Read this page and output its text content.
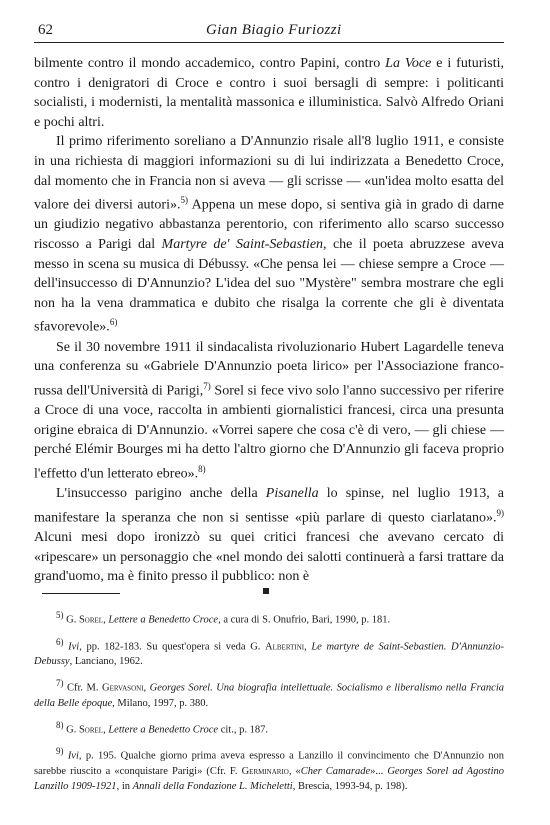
62	Gian Biagio Furiozzi

bilmente contro il mondo accademico, contro Papini, contro La Voce e i futuristi, contro i denigratori di Croce e contro i suoi bersagli di sempre: i politicanti socialisti, i modernisti, la mentalità massonica e illuministica. Salvò Alfredo Oriani e pochi altri.

Il primo riferimento soreliano a D'Annunzio risale all'8 luglio 1911, e consiste in una richiesta di maggiori informazioni su di lui indirizzata a Benedetto Croce, dal momento che in Francia non si aveva — gli scrisse — «un'idea molto esatta del valore dei diversi autori».$^{5)}$ Appena un mese dopo, si sentiva già in grado di darne un giudizio negativo abbastanza perentorio, con riferimento allo scarso successo riscosso a Parigi dal Martyre de' Saint-Sebastien, che il poeta abruzzese aveva messo in scena su musica di Débussy. «Che pensa lei — chiese sempre a Croce — dell'insuccesso di D'Annunzio? L'idea del suo "Mystère" sembra mostrare che egli non ha la vena drammatica e dubito che risalga la corrente che gli è diventata sfavorevole».$^{6)}$

Se il 30 novembre 1911 il sindacalista rivoluzionario Hubert Lagardelle teneva una conferenza su «Gabriele D'Annunzio poeta lirico» per l'Associazione franco-russa dell'Università di Parigi,$^{7)}$ Sorel si fece vivo solo l'anno successivo per riferire a Croce di una voce, raccolta in ambienti giornalistici francesi, circa una presunta origine ebraica di D'Annunzio. «Vorrei sapere che cosa c'è di vero, — gli chiese — perché Elémir Bourges mi ha detto l'altro giorno che D'Annunzio gli faceva proprio l'effetto d'un letterato ebreo».$^{8)}$

L'insuccesso parigino anche della Pisanella lo spinse, nel luglio 1913, a manifestare la speranza che non si sentisse «più parlare di questo ciarlatano».$^{9)}$ Alcuni mesi dopo ironizzò su quei critici francesi che avevano cercato di «ripescare» un personaggio che «nel mondo dei salotti continuerà a farsi trattare da grand'uomo, ma è finito presso il pubblico: non è

$^{5)}$ G. Sorel, Lettere a Benedetto Croce, a cura di S. Onufrio, Bari, 1990, p. 181.

$^{6)}$ Ivi, pp. 182-183. Su quest'opera si veda G. Albertini, Le martyre de Saint-Sebastien. D'Annunzio-Debussy, Lanciano, 1962.

$^{7)}$ Cfr. M. Gervasoni, Georges Sorel. Una biografia intellettuale. Socialismo e liberalismo nella Francia della Belle époque, Milano, 1997, p. 380.

$^{8)}$ G. Sorel, Lettere a Benedetto Croce cit., p. 187.

$^{9)}$ Ivi, p. 195. Qualche giorno prima aveva espresso a Lanzillo il convincimento che D'Annunzio non sarebbe riuscito a «conquistare Parigi» (Cfr. F. Germinario, «Cher Camarade»... Georges Sorel ad Agostino Lanzillo 1909-1921, in Annali della Fondazione L. Micheletti, Brescia, 1993-94, p. 198).
